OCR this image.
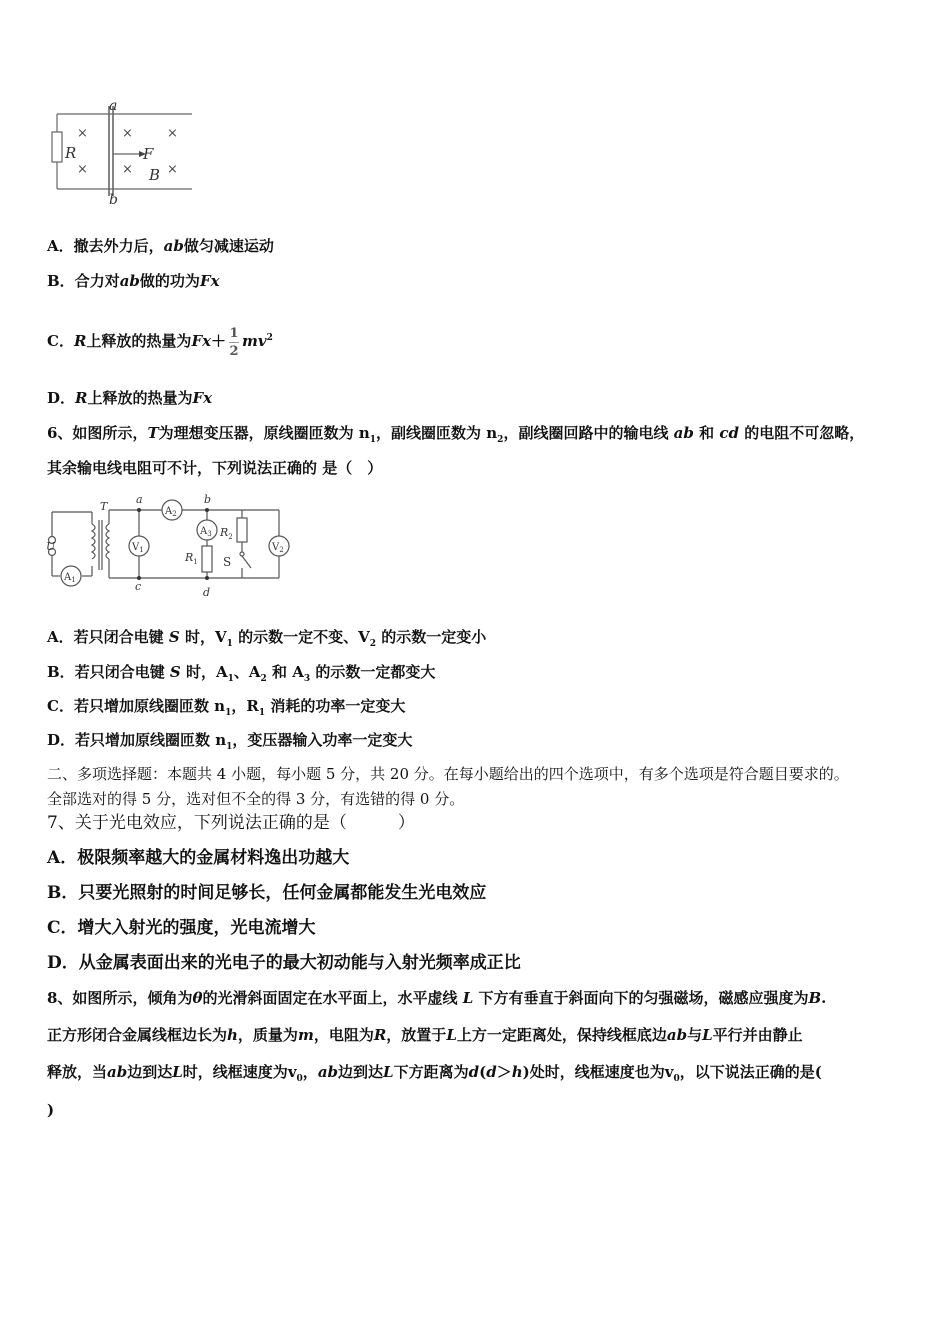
a
b
R	F
B
×
×
×
×
×
×
A．撤去外力后，ab做匀减速运动
B．合力对ab做的功为Fx
C．R上释放的热量为$Fx+ \frac{1}{2} mv^2$
D．R上释放的热量为Fx
6、如图所示，T为理想变压器，原线圈匝数为 $n_1$，副线圈匝数为 $n_2$，副线圈回路中的输电线 ab 和 cd 的电阻不可忽略，
其余输电线电阻可不计，下列说法正确的 是（　）
T
a	b
c	d
U
$R_1$
$R_2$
S
$A_1$
$A_2$
$A_3$
$V_1$	$V_2$
A．若只闭合电键 S 时，$V_1$ 的示数一定不变、$V_2$ 的示数一定变小
B．若只闭合电键 S 时，$A_1$、$A_2$ 和 $A_3$ 的示数一定都变大
C．若只增加原线圈匝数 $n_1$，$R_1$ 消耗的功率一定变大
D．若只增加原线圈匝数 $n_1$，变压器输入功率一定变大
二、多项选择题：本题共 4 小题，每小题 5 分，共 20 分。在每小题给出的四个选项中，有多个选项是符合题目要求的。
全部选对的得 5 分，选对但不全的得 3 分，有选错的得 0 分。
7、关于光电效应，下列说法正确的是（　　　）
A．极限频率越大的金属材料逸出功越大
B．只要光照射的时间足够长，任何金属都能发生光电效应
C．增大入射光的强度，光电流增大
D．从金属表面出来的光电子的最大初动能与入射光频率成正比
8、如图所示，倾角为θ的光滑斜面固定在水平面上，水平虚线 L 下方有垂直于斜面向下的匀强磁场，磁感应强度为B.
正方形闭合金属线框边长为h，质量为m，电阻为R，放置于L上方一定距离处，保持线框底边ab与L平行并由静止
释放，当ab边到达L时，线框速度为$v_0$，ab边到达L下方距离为d(d＞h)处时，线框速度也为$v_0$，以下说法正确的是(
)
